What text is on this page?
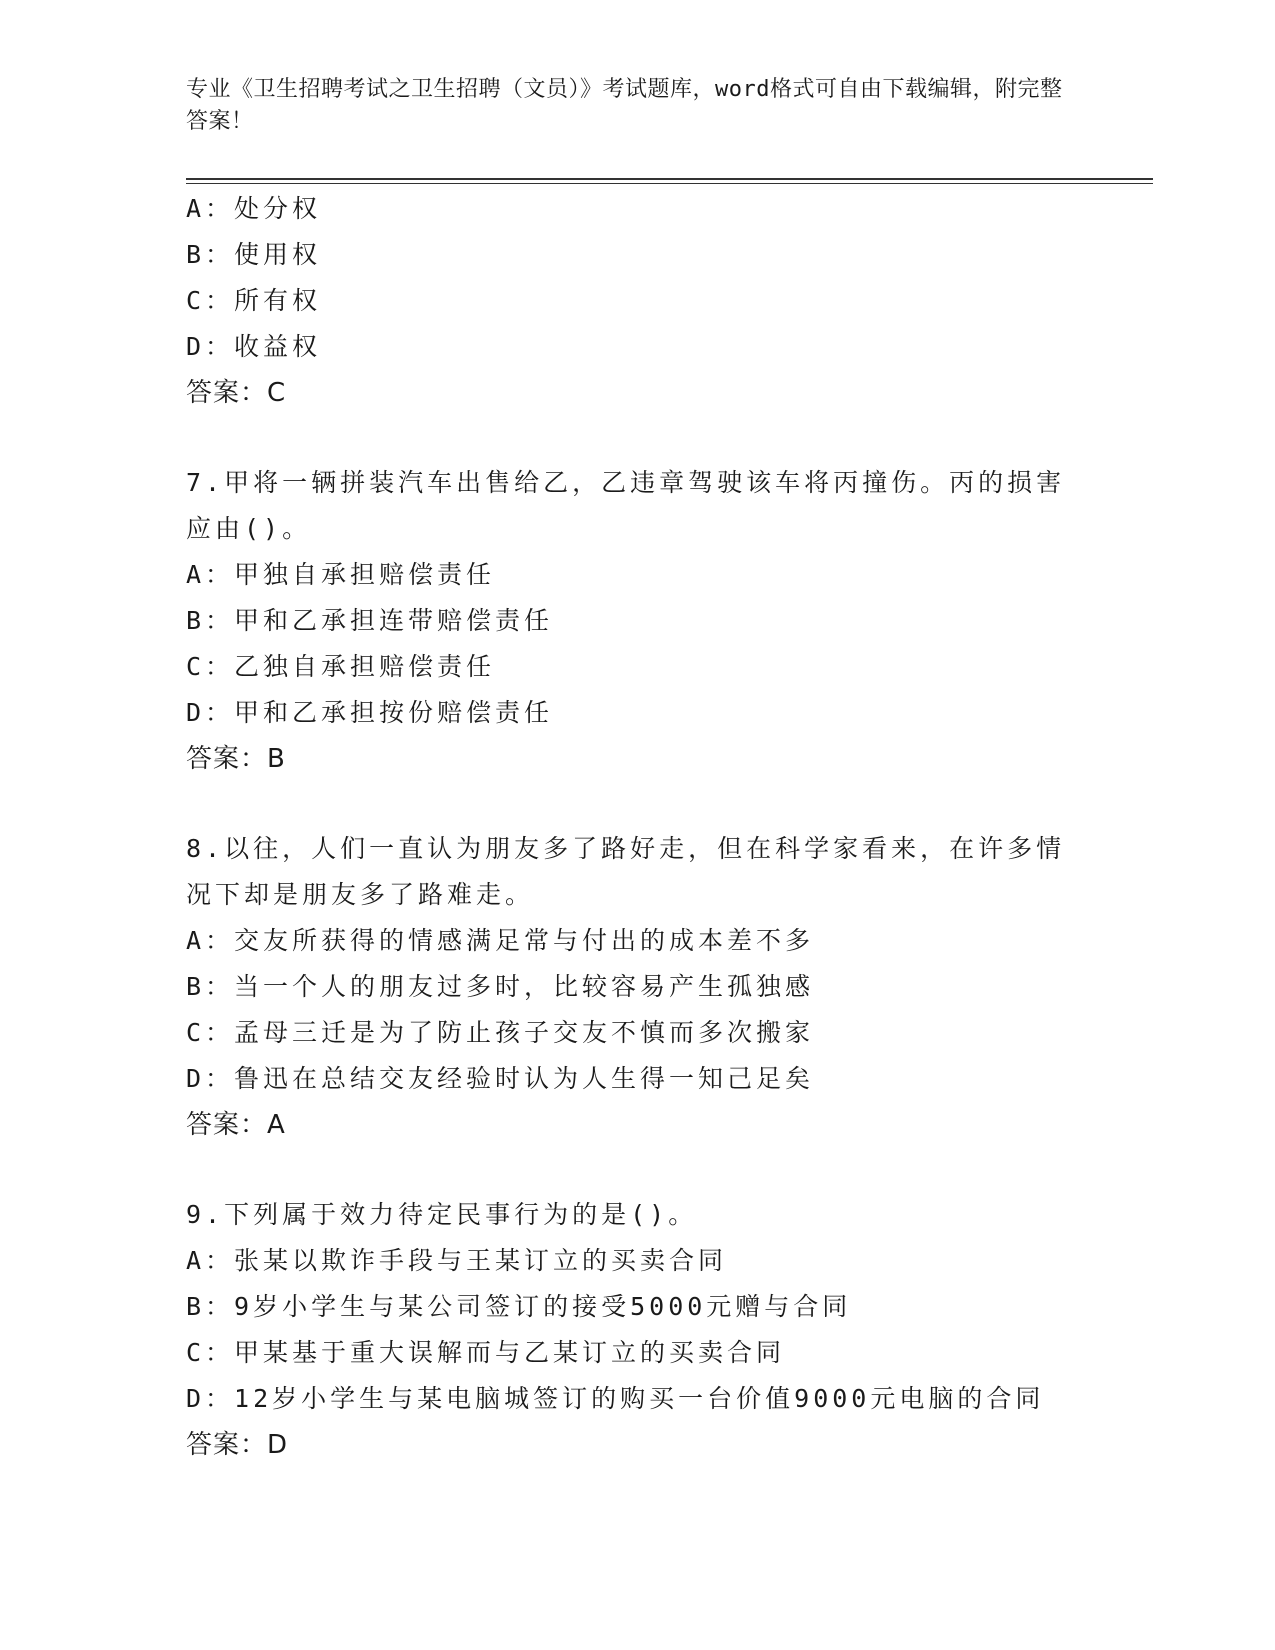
专业《卫生招聘考试之卫生招聘（文员）》考试题库，word格式可自由下载编辑，附完整答案！
A：处分权
B：使用权
C：所有权
D：收益权
答案：C
7.甲将一辆拼装汽车出售给乙，乙违章驾驶该车将丙撞伤。丙的损害应由()。
A：甲独自承担赔偿责任
B：甲和乙承担连带赔偿责任
C：乙独自承担赔偿责任
D：甲和乙承担按份赔偿责任
答案：B
8.以往，人们一直认为朋友多了路好走，但在科学家看来，在许多情况下却是朋友多了路难走。
A：交友所获得的情感满足常与付出的成本差不多
B：当一个人的朋友过多时，比较容易产生孤独感
C：孟母三迁是为了防止孩子交友不慎而多次搬家
D：鲁迅在总结交友经验时认为人生得一知己足矣
答案：A
9.下列属于效力待定民事行为的是()。
A：张某以欺诈手段与王某订立的买卖合同
B：9岁小学生与某公司签订的接受5000元赠与合同
C：甲某基于重大误解而与乙某订立的买卖合同
D：12岁小学生与某电脑城签订的购买一台价值9000元电脑的合同
答案：D
